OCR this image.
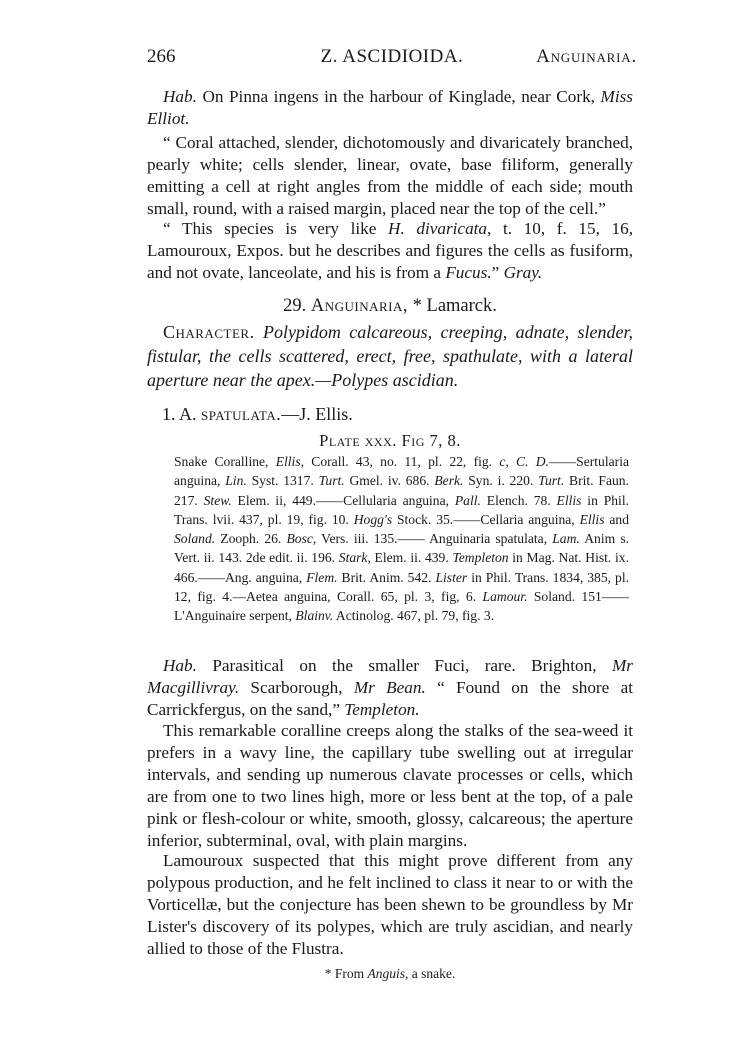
266	Z. ASCIDIOIDA.	Anguinaria.
Hab. On Pinna ingens in the harbour of Kinglade, near Cork, Miss Elliot.
“ Coral attached, slender, dichotomously and divaricately branched, pearly white; cells slender, linear, ovate, base filiform, generally emitting a cell at right angles from the middle of each side; mouth small, round, with a raised margin, placed near the top of the cell.”
“ This species is very like H. divaricata, t. 10, f. 15, 16, Lamouroux, Expos. but he describes and figures the cells as fusiform, and not ovate, lanceolate, and his is from a Fucus.” Gray.
29. Anguinaria, * Lamarck.
Character. Polypidom calcareous, creeping, adnate, slender, fistular, the cells scattered, erect, free, spathulate, with a lateral aperture near the apex.—Polypes ascidian.
1. A. spatulata.—J. Ellis.
Plate xxx. Fig 7, 8.
Snake Coralline, Ellis, Corall. 43, no. 11, pl. 22, fig. c, C. D.——Sertularia anguina, Lin. Syst. 1317. Turt. Gmel. iv. 686. Berk. Syn. i. 220. Turt. Brit. Faun. 217. Stew. Elem. ii, 449.——Cellularia anguina, Pall. Elench. 78. Ellis in Phil. Trans. lvii. 437, pl. 19, fig. 10. Hogg's Stock. 35.——Cellaria anguina, Ellis and Soland. Zooph. 26. Bosc, Vers. iii. 135.—— Anguinaria spatulata, Lam. Anim s. Vert. ii. 143. 2de edit. ii. 196. Stark, Elem. ii. 439. Templeton in Mag. Nat. Hist. ix. 466.——Ang. anguina, Flem. Brit. Anim. 542. Lister in Phil. Trans. 1834, 385, pl. 12, fig. 4.—Aetea anguina, Corall. 65, pl. 3, fig, 6. Lamour. Soland. 151——L'Anguinaire serpent, Blainv. Actinolog. 467, pl. 79, fig. 3.
Hab. Parasitical on the smaller Fuci, rare. Brighton, Mr Macgillivray. Scarborough, Mr Bean. “ Found on the shore at Carrickfergus, on the sand,” Templeton.
This remarkable coralline creeps along the stalks of the sea-weed it prefers in a wavy line, the capillary tube swelling out at irregular intervals, and sending up numerous clavate processes or cells, which are from one to two lines high, more or less bent at the top, of a pale pink or flesh-colour or white, smooth, glossy, calcareous; the aperture inferior, subterminal, oval, with plain margins.
Lamouroux suspected that this might prove different from any polypous production, and he felt inclined to class it near to or with the Vorticellæ, but the conjecture has been shewn to be groundless by Mr Lister's discovery of its polypes, which are truly ascidian, and nearly allied to those of the Flustra.
* From Anguis, a snake.
